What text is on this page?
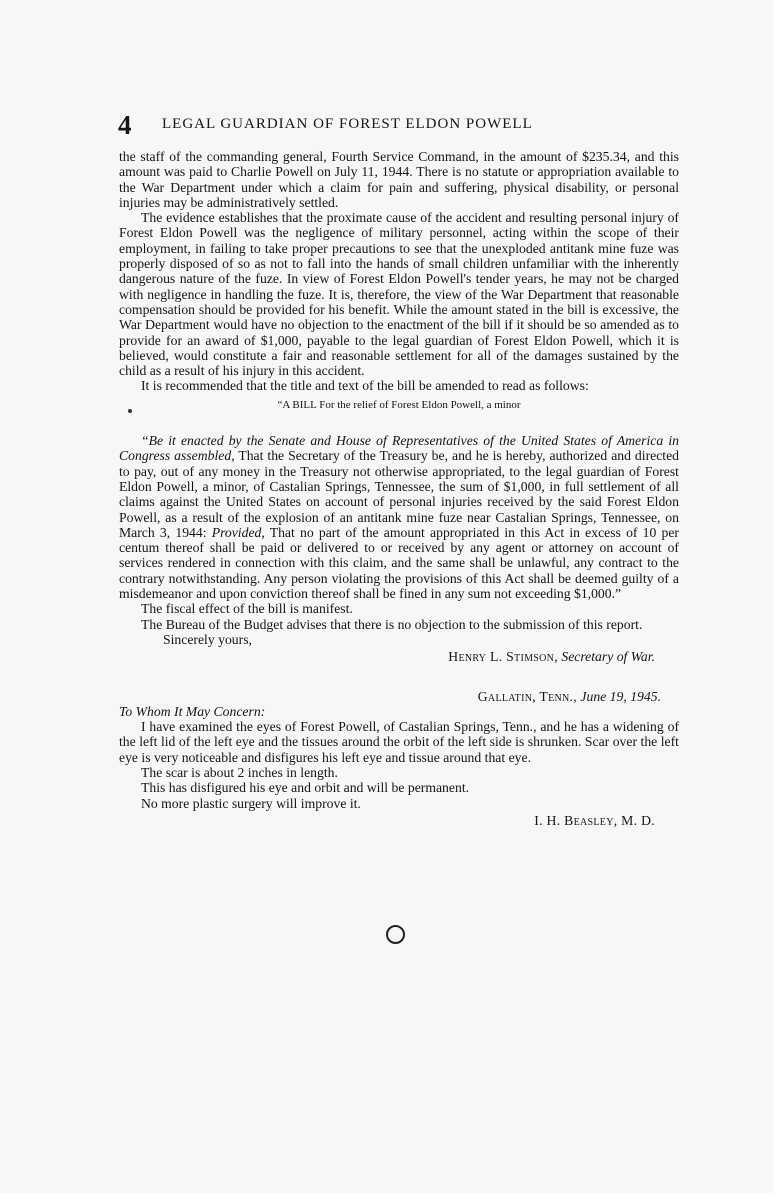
4 LEGAL GUARDIAN OF FOREST ELDON POWELL

the staff of the commanding general, Fourth Service Command, in the amount of $235.34, and this amount was paid to Charlie Powell on July 11, 1944. There is no statute or appropriation available to the War Department under which a claim for pain and suffering, physical disability, or personal injuries may be administratively settled.

The evidence establishes that the proximate cause of the accident and resulting personal injury of Forest Eldon Powell was the negligence of military personnel, acting within the scope of their employment, in failing to take proper precautions to see that the unexploded antitank mine fuze was properly disposed of so as not to fall into the hands of small children unfamiliar with the inherently dangerous nature of the fuze. In view of Forest Eldon Powell's tender years, he may not be charged with negligence in handling the fuze. It is, therefore, the view of the War Department that reasonable compensation should be provided for his benefit. While the amount stated in the bill is excessive, the War Department would have no objection to the enactment of the bill if it should be so amended as to provide for an award of $1,000, payable to the legal guardian of Forest Eldon Powell, which it is believed, would constitute a fair and reasonable settlement for all of the damages sustained by the child as a result of his injury in this accident.

It is recommended that the title and text of the bill be amended to read as follows:

“A BILL For the relief of Forest Eldon Powell, a minor

“Be it enacted by the Senate and House of Representatives of the United States of America in Congress assembled, That the Secretary of the Treasury be, and he is hereby, authorized and directed to pay, out of any money in the Treasury not otherwise appropriated, to the legal guardian of Forest Eldon Powell, a minor, of Castalian Springs, Tennessee, the sum of $1,000, in full settlement of all claims against the United States on account of personal injuries received by the said Forest Eldon Powell, as a result of the explosion of an antitank mine fuze near Castalian Springs, Tennessee, on March 3, 1944: Provided, That no part of the amount appropriated in this Act in excess of 10 per centum thereof shall be paid or delivered to or received by any agent or attorney on account of services rendered in connection with this claim, and the same shall be unlawful, any contract to the contrary notwithstanding. Any person violating the provisions of this Act shall be deemed guilty of a misdemeanor and upon conviction thereof shall be fined in any sum not exceeding $1,000.”

The fiscal effect of the bill is manifest.

The Bureau of the Budget advises that there is no objection to the submission of this report.

Sincerely yours,

Henry L. Stimson, Secretary of War.

Gallatin, Tenn., June 19, 1945.

To Whom It May Concern:

I have examined the eyes of Forest Powell, of Castalian Springs, Tenn., and he has a widening of the left lid of the left eye and the tissues around the orbit of the left side is shrunken. Scar over the left eye is very noticeable and disfigures his left eye and tissue around that eye.

The scar is about 2 inches in length.

This has disfigured his eye and orbit and will be permanent.

No more plastic surgery will improve it.

I. H. Beasley, M. D.
